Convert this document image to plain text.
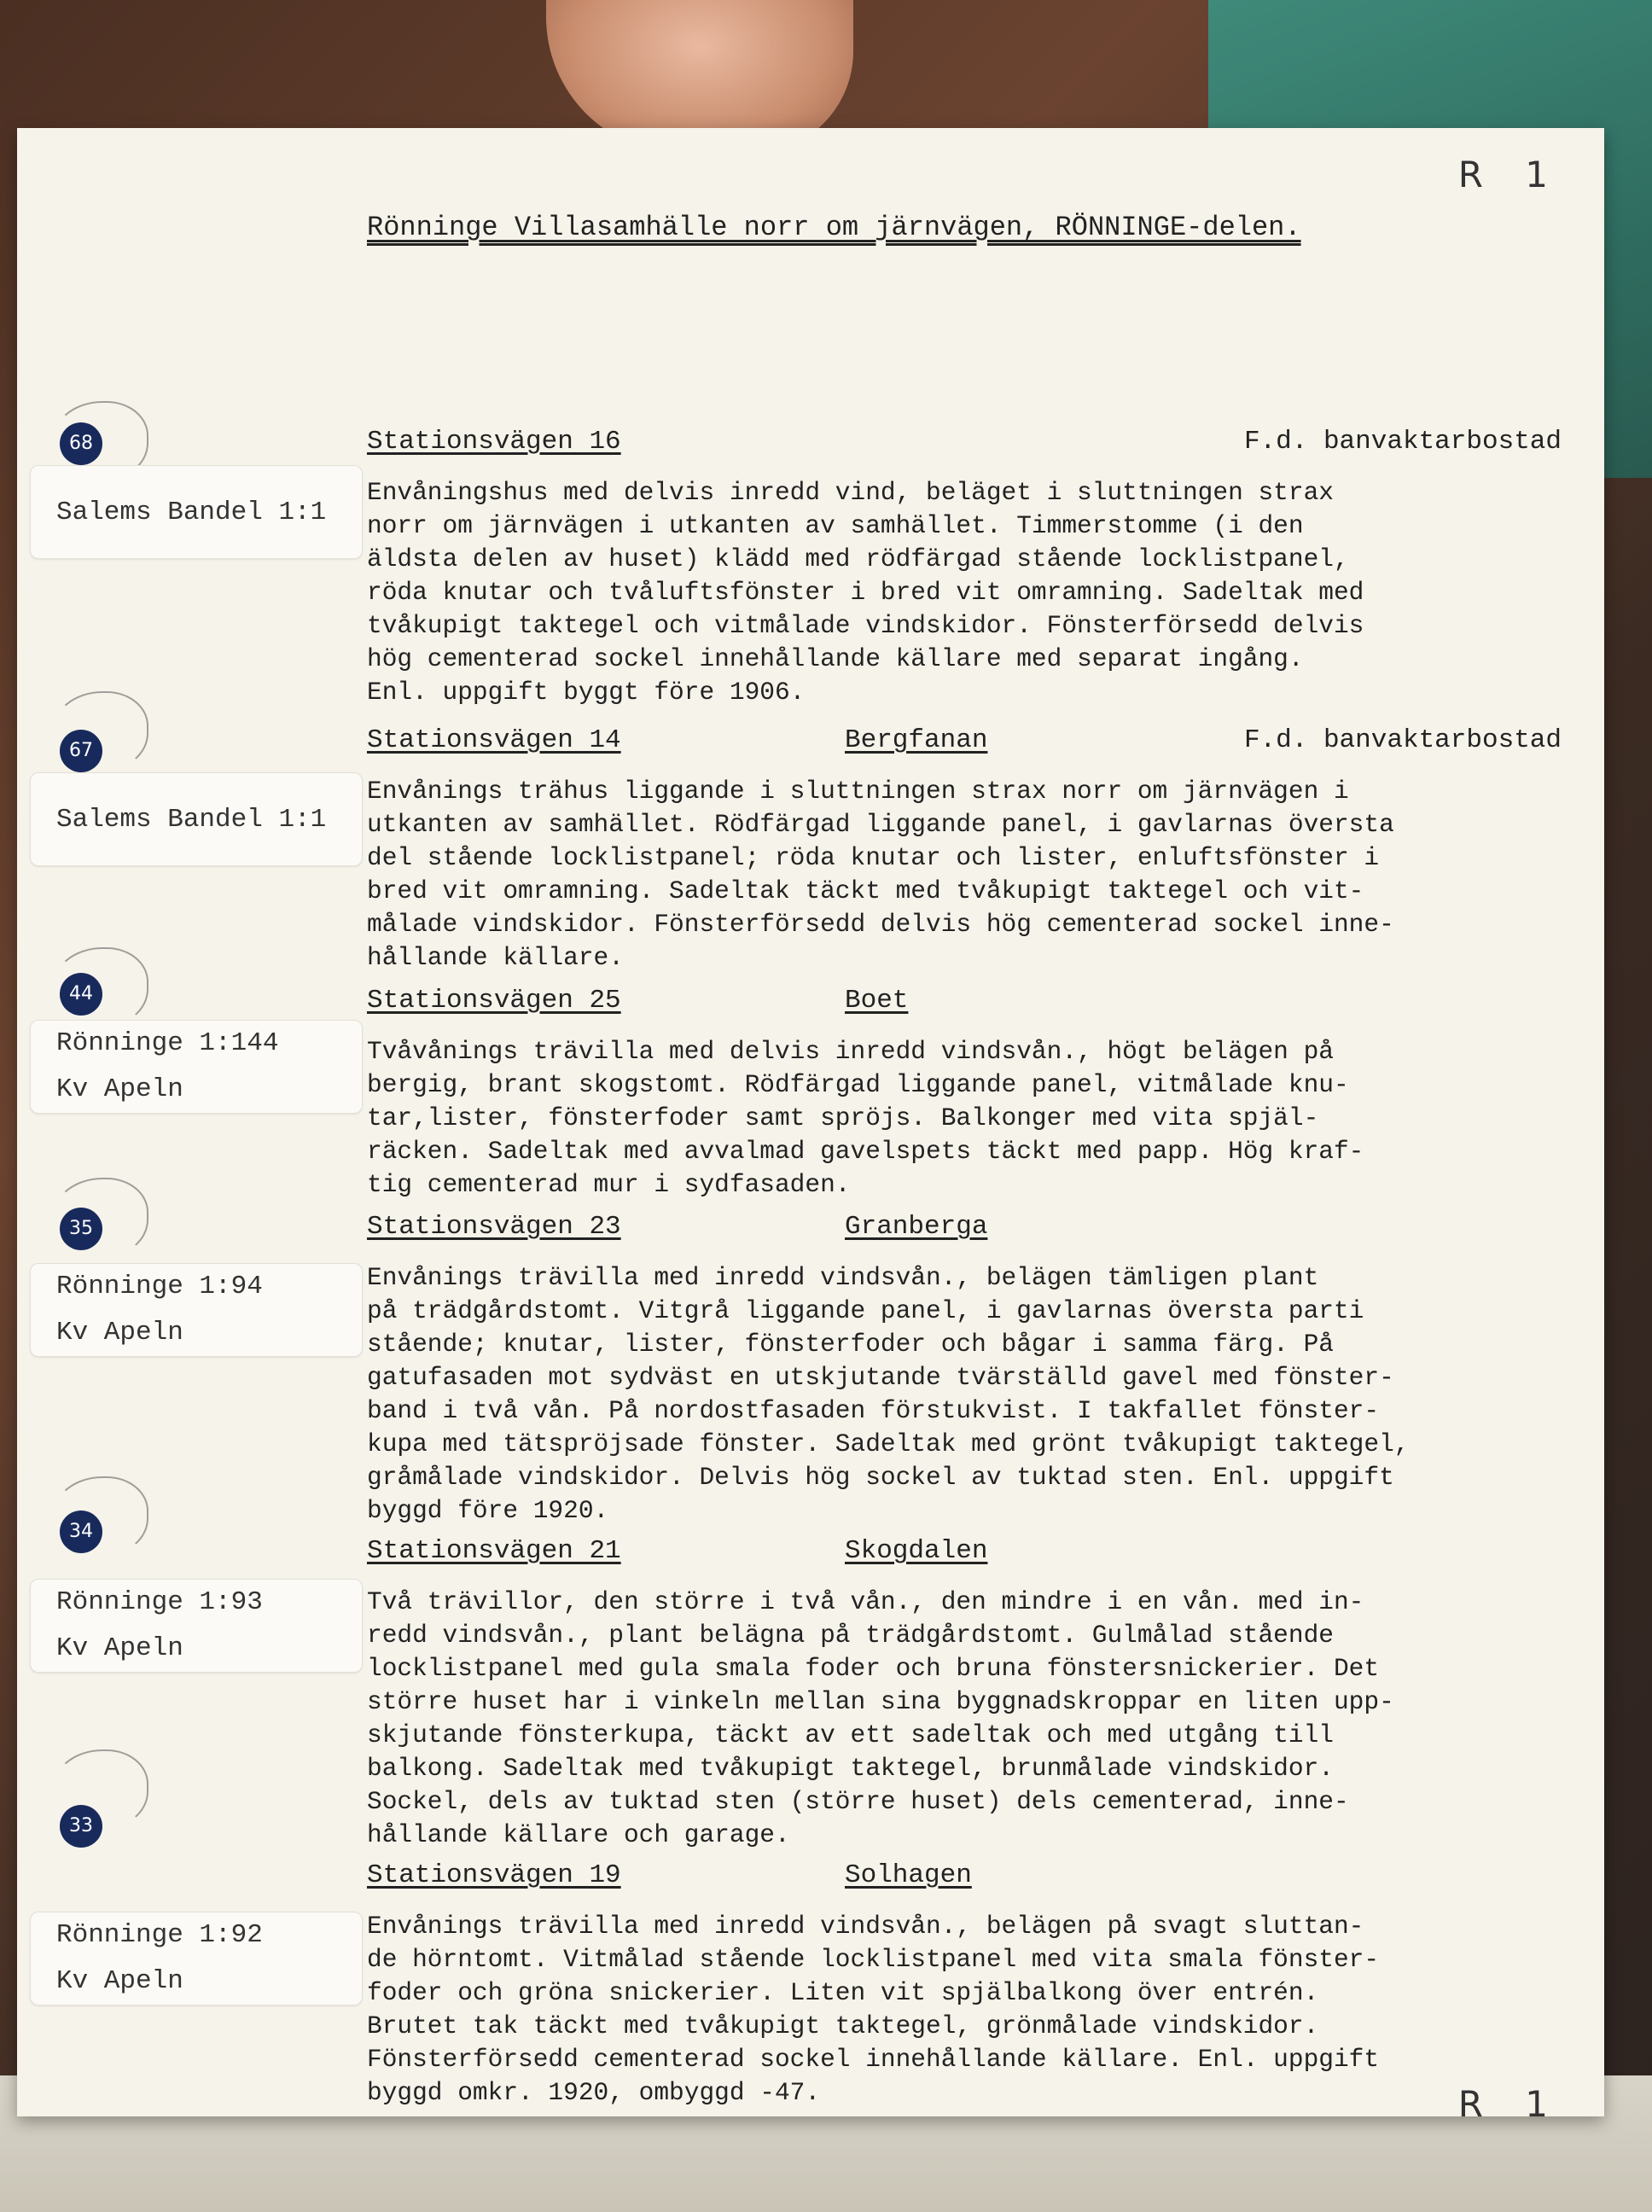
R 1
R 1
Rönninge Villasamhälle norr om järnvägen, RÖNNINGE-delen.
68
Salems Bandel 1:1
Stationsvägen 16	F.d. banvaktarbostad
Envåningshus med delvis inredd vind, beläget i sluttningen strax
norr om järnvägen i utkanten av samhället. Timmerstomme (i den
äldsta delen av huset) klädd med rödfärgad stående locklistpanel,
röda knutar och tvåluftsfönster i bred vit omramning. Sadeltak med
tvåkupigt taktegel och vitmålade vindskidor. Fönsterförsedd delvis
hög cementerad sockel innehållande källare med separat ingång.
Enl. uppgift byggt före 1906.
67
Salems Bandel 1:1
Stationsvägen 14	Bergfanan	F.d. banvaktarbostad
Envånings trähus liggande i sluttningen strax norr om järnvägen i
utkanten av samhället. Rödfärgad liggande panel, i gavlarnas översta
del stående locklistpanel; röda knutar och lister, enluftsfönster i
bred vit omramning. Sadeltak täckt med tvåkupigt taktegel och vit-
målade vindskidor. Fönsterförsedd delvis hög cementerad sockel inne-
hållande källare.
44
Rönninge 1:144
Kv Apeln
Stationsvägen 25	Boet
Tvåvånings trävilla med delvis inredd vindsvån., högt belägen på
bergig, brant skogstomt. Rödfärgad liggande panel, vitmålade knu-
tar,lister, fönsterfoder samt spröjs. Balkonger med vita spjäl-
räcken. Sadeltak med avvalmad gavelspets täckt med papp. Hög kraf-
tig cementerad mur i sydfasaden.
35
Rönninge 1:94
Kv Apeln
Stationsvägen 23	Granberga
Envånings trävilla med inredd vindsvån., belägen tämligen plant
på trädgårdstomt. Vitgrå liggande panel, i gavlarnas översta parti
stående; knutar, lister, fönsterfoder och bågar i samma färg. På
gatufasaden mot sydväst en utskjutande tvärställd gavel med fönster-
band i två vån. På nordostfasaden förstukvist. I takfallet fönster-
kupa med tätspröjsade fönster. Sadeltak med grönt tvåkupigt taktegel,
gråmålade vindskidor. Delvis hög sockel av tuktad sten. Enl. uppgift
byggd före 1920.
34
Rönninge 1:93
Kv Apeln
Stationsvägen 21	Skogdalen
Två trävillor, den större i två vån., den mindre i en vån. med in-
redd vindsvån., plant belägna på trädgårdstomt. Gulmålad stående
locklistpanel med gula smala foder och bruna fönstersnickerier. Det
större huset har i vinkeln mellan sina byggnadskroppar en liten upp-
skjutande fönsterkupa, täckt av ett sadeltak och med utgång till
balkong. Sadeltak med tvåkupigt taktegel, brunmålade vindskidor.
Sockel, dels av tuktad sten (större huset) dels cementerad, inne-
hållande källare och garage.
33
Rönninge 1:92
Kv Apeln
Stationsvägen 19	Solhagen
Envånings trävilla med inredd vindsvån., belägen på svagt sluttan-
de hörntomt. Vitmålad stående locklistpanel med vita smala fönster-
foder och gröna snickerier. Liten vit spjälbalkong över entrén.
Brutet tak täckt med tvåkupigt taktegel, grönmålade vindskidor.
Fönsterförsedd cementerad sockel innehållande källare. Enl. uppgift
byggd omkr. 1920, ombyggd -47.
